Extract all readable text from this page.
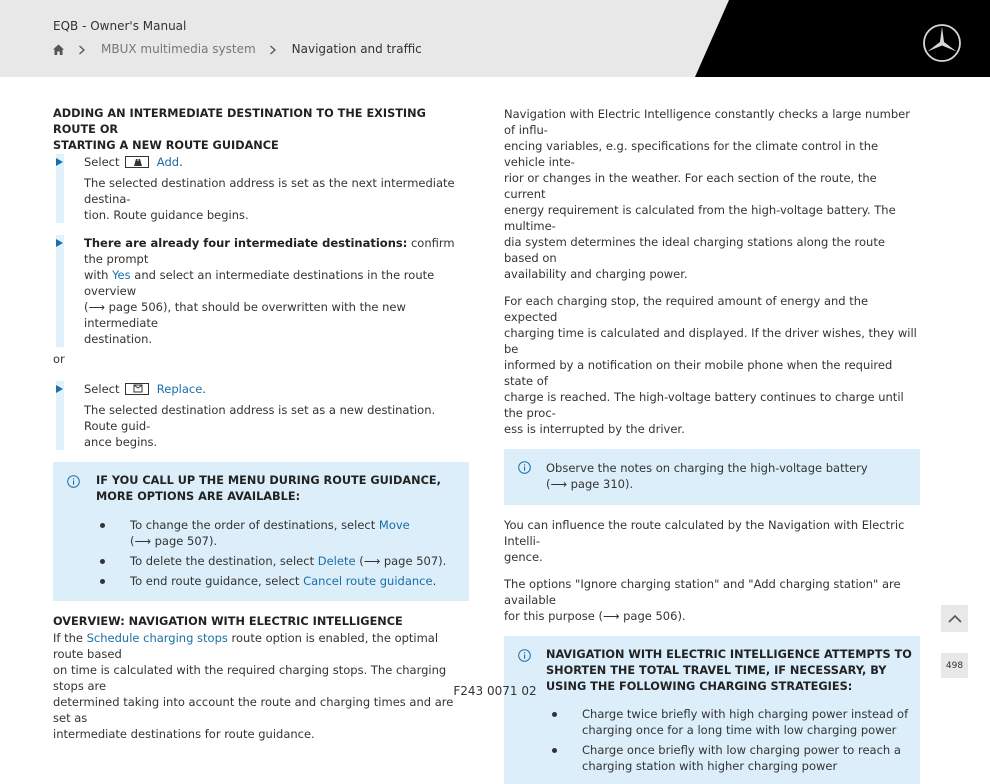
EQB - Owner's Manual
MBUX multimedia system	Navigation and traffic
ADDING AN INTERMEDIATE DESTINATION TO THE EXISTING ROUTE OR
STARTING A NEW ROUTE GUIDANCE

Select	Add.

The selected destination address is set as the next intermediate destina-
tion. Route guidance begins.

There are already four intermediate destinations: confirm the prompt
with Yes and select an intermediate destinations in the route overview
(⟶ page 506), that should be overwritten with the new intermediate
destination.

or

Select	Replace.

The selected destination address is set as a new destination. Route guid-
ance begins.

IF YOU CALL UP THE MENU DURING ROUTE GUIDANCE,
MORE OPTIONS ARE AVAILABLE:
To change the order of destinations, select Move
(⟶ page 507).
To delete the destination, select Delete (⟶ page 507).
To end route guidance, select Cancel route guidance.
OVERVIEW: NAVIGATION WITH ELECTRIC INTELLIGENCE

If the Schedule charging stops route option is enabled, the optimal route based
on time is calculated with the required charging stops. The charging stops are
determined taking into account the route and charging times and are set as
intermediate destinations for route guidance.

Navigation with Electric Intelligence constantly checks a large number of influ-
encing variables, e.g. specifications for the climate control in the vehicle inte-
rior or changes in the weather. For each section of the route, the current
energy requirement is calculated from the high-voltage battery. The multime-
dia system determines the ideal charging stations along the route based on
availability and charging power.

For each charging stop, the required amount of energy and the expected
charging time is calculated and displayed. If the driver wishes, they will be
informed by a notification on their mobile phone when the required state of
charge is reached. The high-voltage battery continues to charge until the proc-
ess is interrupted by the driver.

Observe the notes on charging the high-voltage battery
(⟶ page 310).

You can influence the route calculated by the Navigation with Electric Intelli-
gence.

The options "Ignore charging station" and "Add charging station" are available
for this purpose (⟶ page 506).

NAVIGATION WITH ELECTRIC INTELLIGENCE ATTEMPTS TO
SHORTEN THE TOTAL TRAVEL TIME, IF NECESSARY, BY
USING THE FOLLOWING CHARGING STRATEGIES:
Charge twice briefly with high charging power instead of
charging once for a long time with low charging power
Charge once briefly with low charging power to reach a
charging station with higher charging power
498
F243 0071 02
